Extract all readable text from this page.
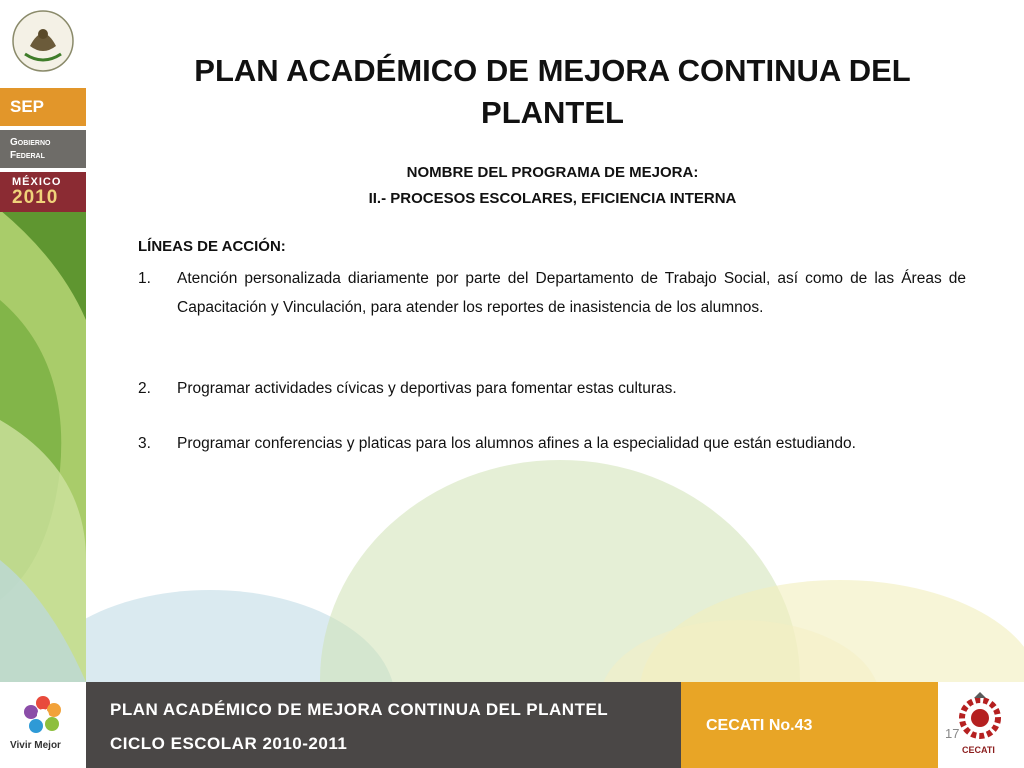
SEP
Gobierno
Federal
MÉXICO
2010
PLAN ACADÉMICO DE MEJORA CONTINUA DEL PLANTEL
NOMBRE DEL PROGRAMA DE MEJORA:
II.- PROCESOS ESCOLARES, EFICIENCIA INTERNA
LÍNEAS DE ACCIÓN:
1. Atención personalizada diariamente por parte del Departamento de Trabajo Social, así como de las Áreas de Capacitación y Vinculación, para atender los reportes de inasistencia de los alumnos.
2. Programar actividades cívicas y deportivas para fomentar estas culturas.
3. Programar conferencias y platicas para los alumnos afines a la especialidad que están estudiando.
Vivir Mejor
PLAN ACADÉMICO DE MEJORA CONTINUA DEL PLANTEL
CICLO ESCOLAR 2010-2011
CECATI No.43
CECATI
17
